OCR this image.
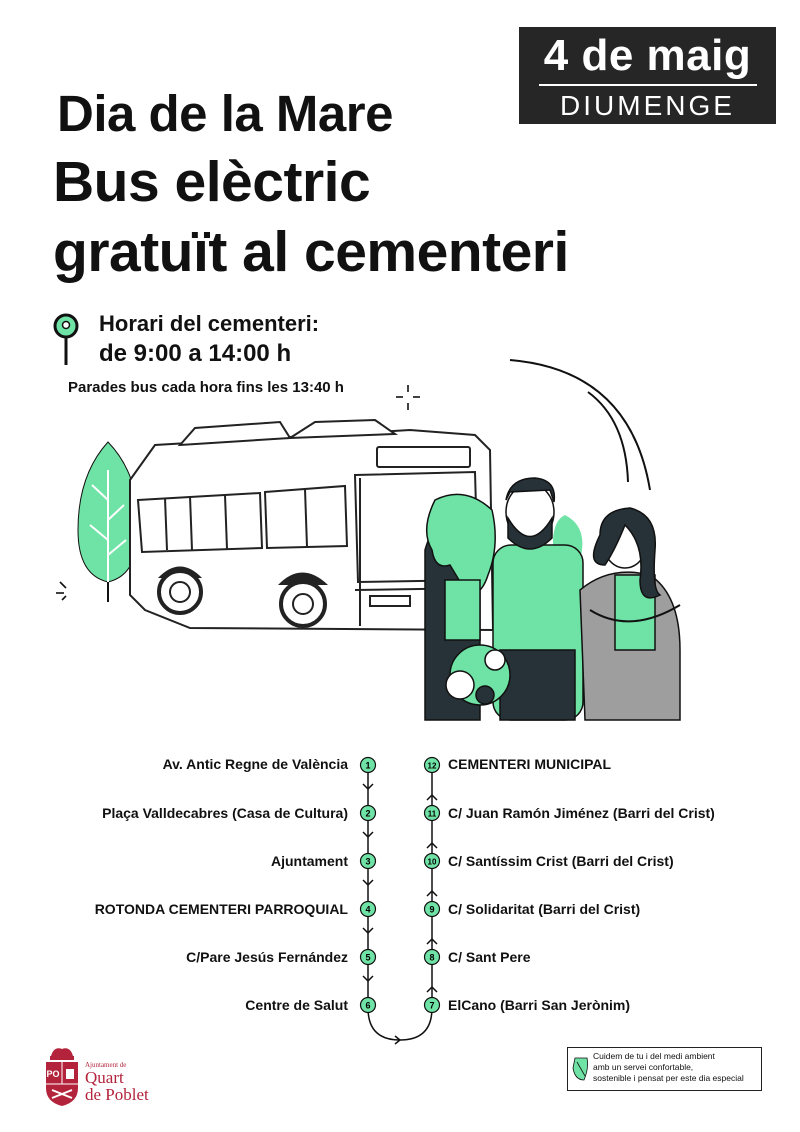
4 de maig
DIUMENGE
Dia de la Mare
Bus elèctric
gratuït al cementeri
Horari del cementeri:
de 9:00 a 14:00 h
Parades bus cada hora fins les 13:40 h
Av. Antic Regne de València
Plaça Valldecabres (Casa de Cultura)
Ajuntament
ROTONDA CEMENTERI PARROQUIAL
C/Pare Jesús Fernández
Centre de Salut
1
2
3
4
5
6
12
11
10
9
8
7
CEMENTERI MUNICIPAL
C/ Juan Ramón Jiménez (Barri del Crist)
C/ Santíssim Crist (Barri del Crist)
C/ Solidaritat (Barri del Crist)
C/ Sant Pere
ElCano (Barri San Jerònim)
PO
Ajuntament de
Quart
de Poblet
Cuidem de tu i del medi ambient
amb un servei confortable,
sostenible i pensat per este dia especial
